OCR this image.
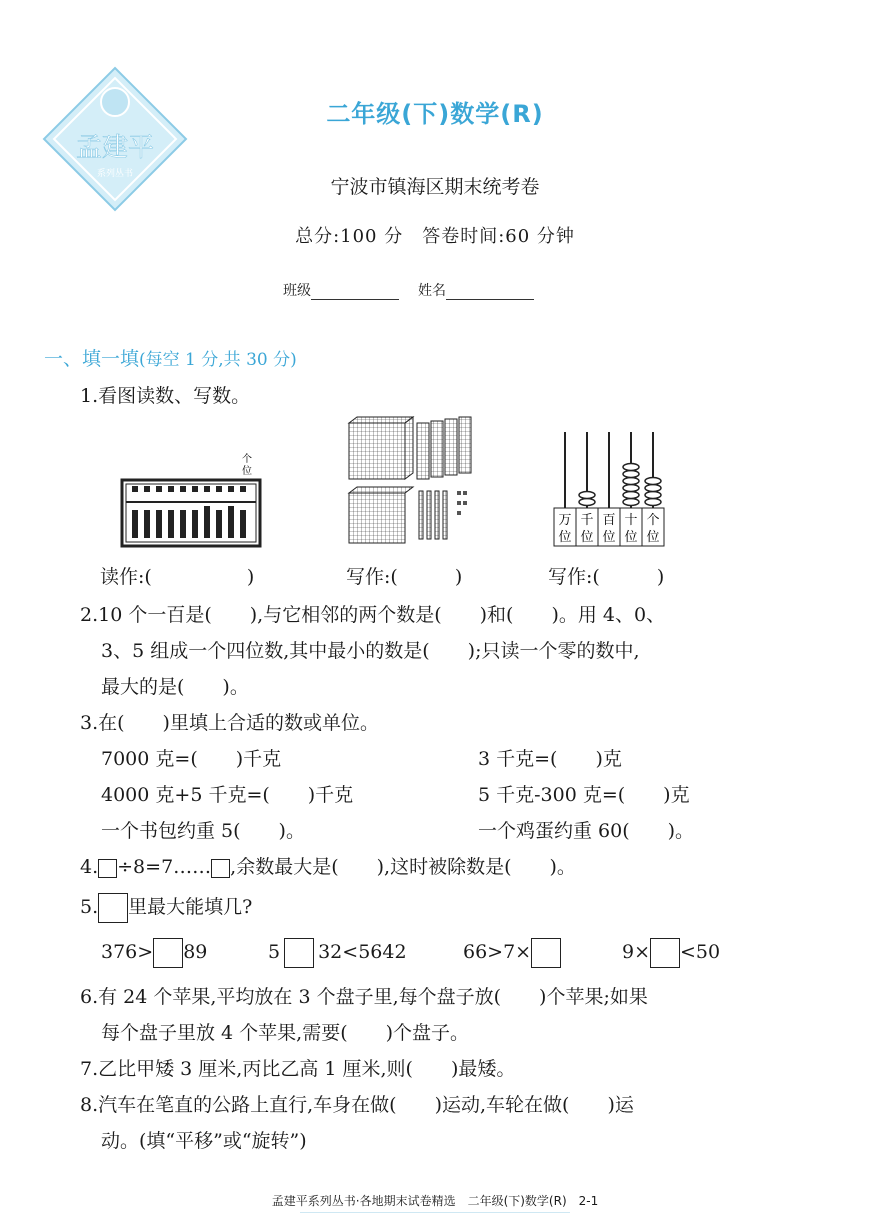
孟建平
系列丛书
二年级(下)数学(R)
宁波市镇海区期末统考卷
总分:100 分　答卷时间:60 分钟
班级	姓名
一、填一填(每空 1 分,共 30 分)
1.看图读数、写数。
个
位
万
位
千
位
百
位
十
位
个
位
读作:(　　　　　)	写作:(　　　)	写作:(　　　)
2.10 个一百是(　　),与它相邻的两个数是(　　)和(　　)。用 4、0、
3、5 组成一个四位数,其中最小的数是(　　);只读一个零的数中,
最大的是(　　)。
3.在(　　)里填上合适的数或单位。
7000 克=(　　)千克	3 千克=(　　)克
4000 克+5 千克=(　　)千克	5 千克-300 克=(　　)克
一个书包约重 5(　　)。	一个鸡蛋约重 60(　　)。
4. ÷8=7…… ,余数最大是(　　),这时被除数是(　　)。
5. 里最大能填几?
376> 89	5 32<5642	66>7×	9× <50
6.有 24 个苹果,平均放在 3 个盘子里,每个盘子放(　　)个苹果;如果
每个盘子里放 4 个苹果,需要(　　)个盘子。
7.乙比甲矮 3 厘米,丙比乙高 1 厘米,则(　　)最矮。
8.汽车在笔直的公路上直行,车身在做(　　)运动,车轮在做(　　)运
动。(填“平移”或“旋转”)
孟建平系列丛书·各地期末试卷精选　二年级(下)数学(R)　2-1
